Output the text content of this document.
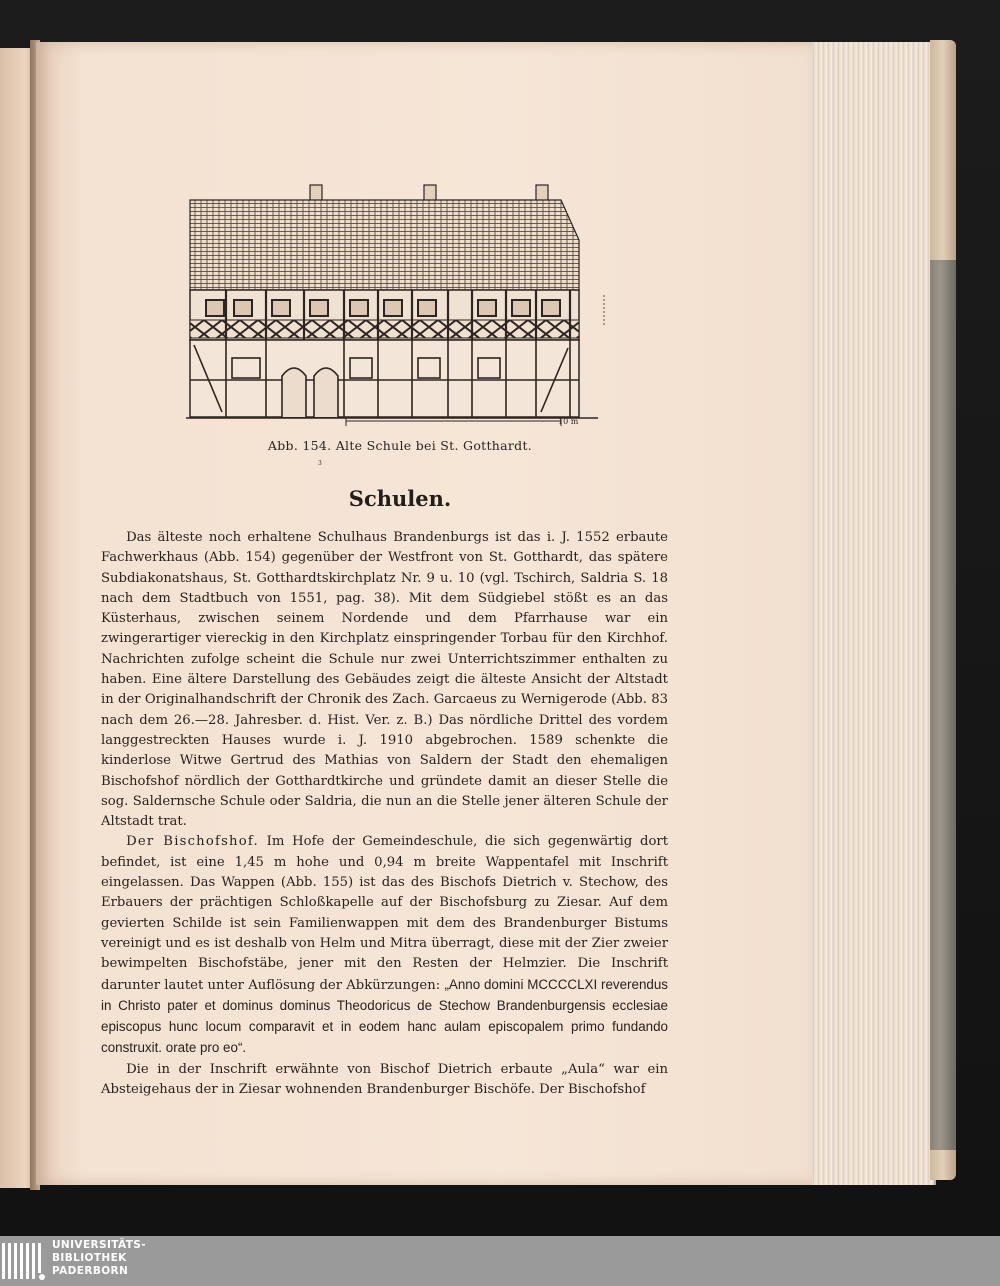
10 m
Abb. 154. Alte Schule bei St. Gotthardt.
3
Schulen.

Das älteste noch erhaltene Schulhaus Brandenburgs ist das i. J. 1552 erbaute Fachwerkhaus (Abb. 154) gegenüber der Westfront von St. Gotthardt, das spätere Subdiakonatshaus, St. Gotthardtskirchplatz Nr. 9 u. 10 (vgl. Tschirch, Saldria S. 18 nach dem Stadtbuch von 1551, pag. 38). Mit dem Südgiebel stößt es an das Küsterhaus, zwischen seinem Nordende und dem Pfarrhause war ein zwingerartiger viereckig in den Kirchplatz einspringender Torbau für den Kirchhof. Nachrichten zufolge scheint die Schule nur zwei Unterrichtszimmer enthalten zu haben. Eine ältere Darstellung des Gebäudes zeigt die älteste Ansicht der Altstadt in der Originalhandschrift der Chronik des Zach. Garcaeus zu Wernigerode (Abb. 83 nach dem 26.—28. Jahresber. d. Hist. Ver. z. B.) Das nördliche Drittel des vordem langgestreckten Hauses wurde i. J. 1910 abgebrochen. 1589 schenkte die kinderlose Witwe Gertrud des Mathias von Saldern der Stadt den ehemaligen Bischofshof nördlich der Gotthardtkirche und gründete damit an dieser Stelle die sog. Saldernsche Schule oder Saldria, die nun an die Stelle jener älteren Schule der Altstadt trat.

Der Bischofshof. Im Hofe der Gemeindeschule, die sich gegenwärtig dort befindet, ist eine 1,45 m hohe und 0,94 m breite Wappentafel mit Inschrift eingelassen. Das Wappen (Abb. 155) ist das des Bischofs Dietrich v. Stechow, des Erbauers der prächtigen Schloßkapelle auf der Bischofsburg zu Ziesar. Auf dem gevierten Schilde ist sein Familienwappen mit dem des Brandenburger Bistums vereinigt und es ist deshalb von Helm und Mitra überragt, diese mit der Zier zweier bewimpelten Bischofstäbe, jener mit den Resten der Helmzier. Die Inschrift darunter lautet unter Auflösung der Abkürzungen: „Anno domini MCCCCLXI reverendus in Christo pater et dominus dominus Theodoricus de Stechow Brandenburgensis ecclesiae episcopus hunc locum comparavit et in eodem hanc aulam episcopalem primo fundando construxit. orate pro eo“.

Die in der Inschrift erwähnte von Bischof Dietrich erbaute „Aula“ war ein Absteigehaus der in Ziesar wohnenden Brandenburger Bischöfe. Der Bischofshof

UNIVERSITÄTS-
BIBLIOTHEK
PADERBORN
